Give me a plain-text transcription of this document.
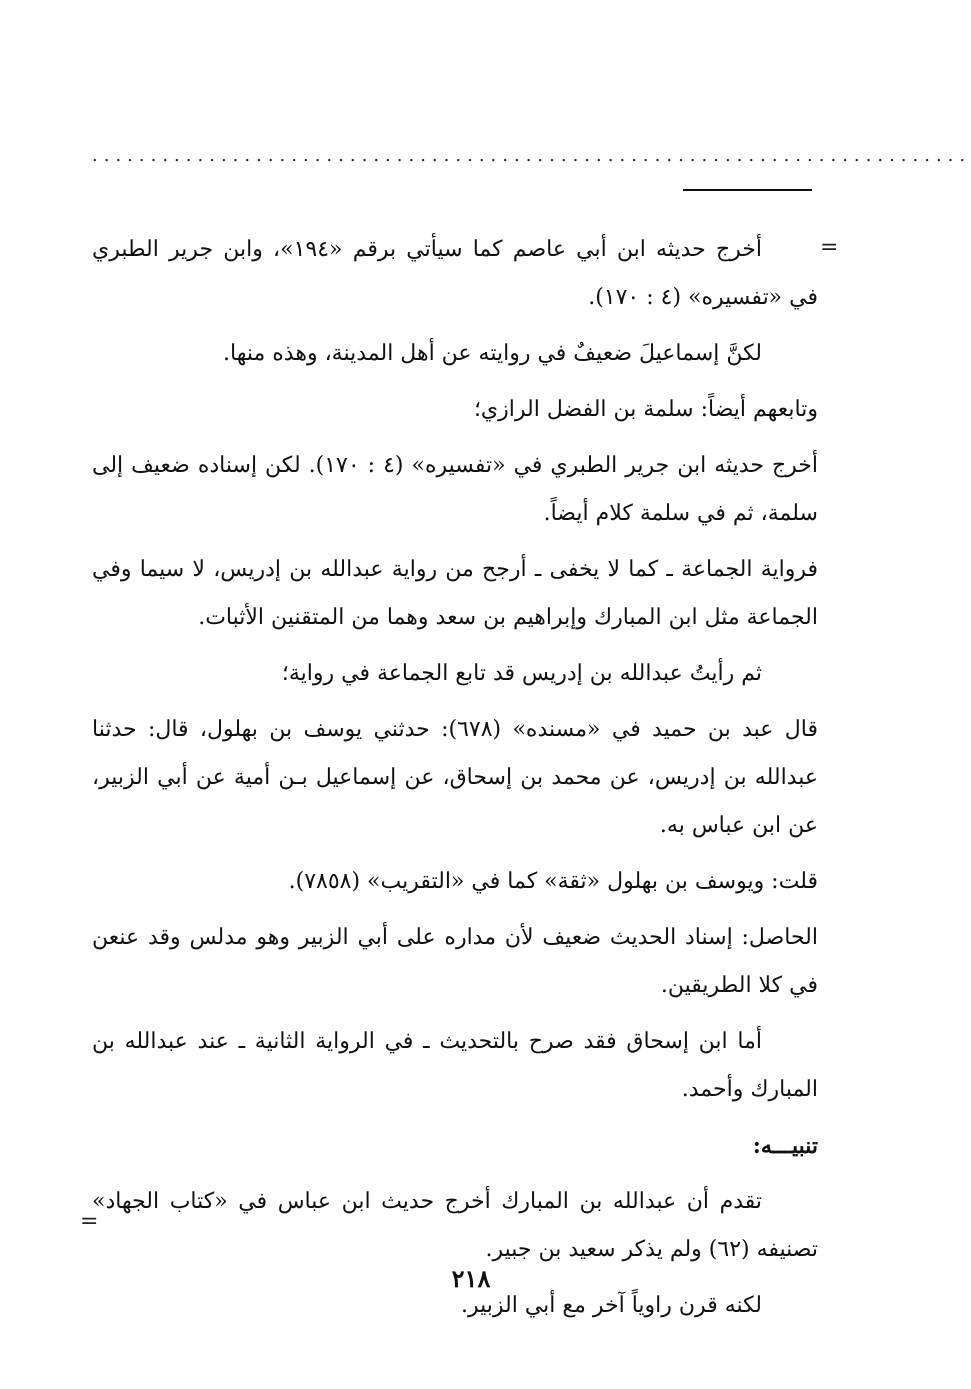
...........................................................................
=

أخرج حديثه ابن أبي عاصم كما سيأتي برقم «١٩٤»، وابن جرير الطبري في «تفسيره» (٤ : ١٧٠).

لكنَّ إسماعيلَ ضعيفٌ في روايته عن أهل المدينة، وهذه منها.

وتابعهم أيضاً: سلمة بن الفضل الرازي؛

أخرج حديثه ابن جرير الطبري في «تفسيره» (٤ : ١٧٠). لكن إسناده ضعيف إلى سلمة، ثم في سلمة كلام أيضاً.

فرواية الجماعة ـ كما لا يخفى ـ أرجح من رواية عبدالله بن إدريس، لا سيما وفي الجماعة مثل ابن المبارك وإبراهيم بن سعد وهما من المتقنين الأثبات.

ثم رأيتُ عبدالله بن إدريس قد تابع الجماعة في رواية؛

قال عبد بن حميد في «مسنده» (٦٧٨): حدثني يوسف بن بهلول، قال: حدثنا عبدالله بن إدريس، عن محمد بن إسحاق، عن إسماعيل بـن أمية عن أبي الزبير، عن ابن عباس به.

قلت: ويوسف بن بهلول «ثقة» كما في «التقريب» (٧٨٥٨).

الحاصل: إسناد الحديث ضعيف لأن مداره على أبي الزبير وهو مدلس وقد عنعن في كلا الطريقين.

أما ابن إسحاق فقد صرح بالتحديث ـ في الرواية الثانية ـ عند عبدالله بن المبارك وأحمد.

تنبيـــه:

تقدم أن عبدالله بن المبارك أخرج حديث ابن عباس في «كتاب الجهاد» تصنيفه (٦٢) ولم يذكر سعيد بن جبير.

لكنه قرن راوياً آخر مع أبي الزبير.

=
٢١٨
